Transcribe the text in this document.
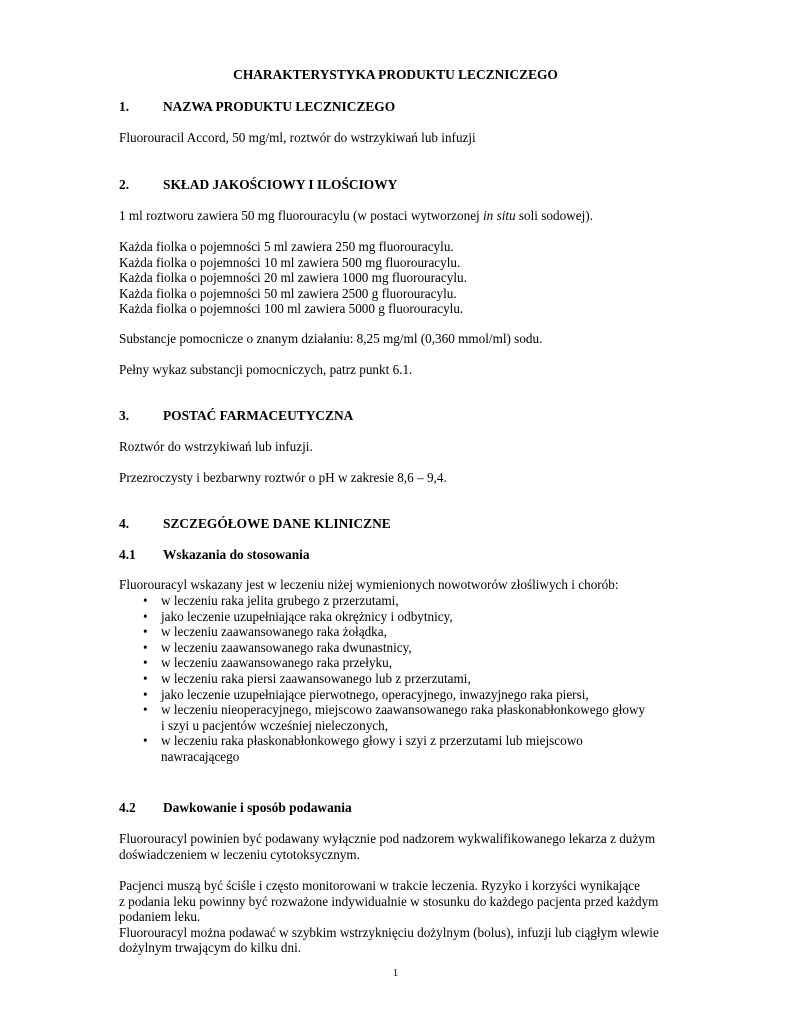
CHARAKTERYSTYKA PRODUKTU LECZNICZEGO
1.	NAZWA PRODUKTU LECZNICZEGO
Fluorouracil Accord, 50 mg/ml, roztwór do wstrzykiwań lub infuzji
2.	SKŁAD JAKOŚCIOWY I ILOŚCIOWY
1 ml roztworu zawiera 50 mg fluorouracylu (w postaci wytworzonej in situ soli sodowej).
Każda fiolka o pojemności 5 ml zawiera 250 mg fluorouracylu.
Każda fiolka o pojemności 10 ml zawiera 500 mg fluorouracylu.
Każda fiolka o pojemności 20 ml zawiera 1000 mg fluorouracylu.
Każda fiolka o pojemności 50 ml zawiera 2500 g fluorouracylu.
Każda fiolka o pojemności 100 ml zawiera 5000 g fluorouracylu.
Substancje pomocnicze o znanym działaniu: 8,25 mg/ml (0,360 mmol/ml) sodu.
Pełny wykaz substancji pomocniczych, patrz punkt 6.1.
3.	POSTAĆ FARMACEUTYCZNA
Roztwór do wstrzykiwań lub infuzji.
Przezroczysty i bezbarwny roztwór o pH w zakresie 8,6 – 9,4.
4.	SZCZEGÓŁOWE DANE KLINICZNE
4.1 Wskazania do stosowania
Fluorouracyl wskazany jest w leczeniu niżej wymienionych nowotworów złośliwych i chorób:
• w leczeniu raka jelita grubego z przerzutami,
• jako leczenie uzupełniające raka okrężnicy i odbytnicy,
• w leczeniu zaawansowanego raka żołądka,
• w leczeniu zaawansowanego raka dwunastnicy,
• w leczeniu zaawansowanego raka przełyku,
• w leczeniu raka piersi zaawansowanego lub z przerzutami,
• jako leczenie uzupełniające pierwotnego, operacyjnego, inwazyjnego raka piersi,
• w leczeniu nieoperacyjnego, miejscowo zaawansowanego raka płaskonabłonkowego głowy
i szyi u pacjentów wcześniej nieleczonych,
• w leczeniu raka płaskonabłonkowego głowy i szyi z przerzutami lub miejscowo
nawracającego
4.2 Dawkowanie i sposób podawania
Fluorouracyl powinien być podawany wyłącznie pod nadzorem wykwalifikowanego lekarza z dużym
doświadczeniem w leczeniu cytotoksycznym.
Pacjenci muszą być ściśle i często monitorowani w trakcie leczenia. Ryzyko i korzyści wynikające
z podania leku powinny być rozważone indywidualnie w stosunku do każdego pacjenta przed każdym
podaniem leku.
Fluorouracyl można podawać w szybkim wstrzyknięciu dożylnym (bolus), infuzji lub ciągłym wlewie
dożylnym trwającym do kilku dni.
1
